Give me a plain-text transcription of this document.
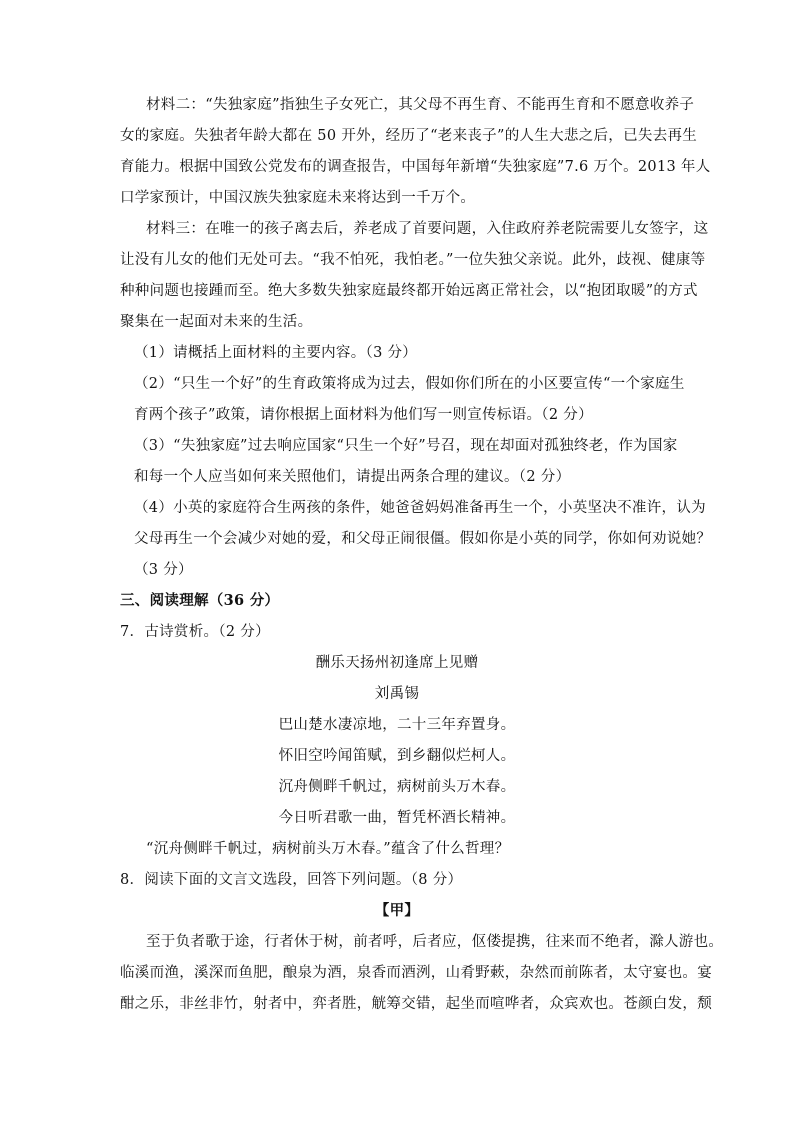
材料二：“失独家庭”指独生子女死亡，其父母不再生育、不能再生育和不愿意收养子
女的家庭。失独者年龄大都在 50 开外，经历了“老来丧子”的人生大悲之后，已失去再生
育能力。根据中国致公党发布的调查报告，中国每年新增“失独家庭”7.6 万个。2013 年人
口学家预计，中国汉族失独家庭未来将达到一千万个。
材料三：在唯一的孩子离去后，养老成了首要问题，入住政府养老院需要儿女签字，这
让没有儿女的他们无处可去。“我不怕死，我怕老。”一位失独父亲说。此外，歧视、健康等
种种问题也接踵而至。绝大多数失独家庭最终都开始远离正常社会，以“抱团取暖”的方式
聚集在一起面对未来的生活。
（1）请概括上面材料的主要内容。（3 分）
（2）“只生一个好”的生育政策将成为过去，假如你们所在的小区要宣传“一个家庭生
育两个孩子”政策，请你根据上面材料为他们写一则宣传标语。（2 分）
（3）“失独家庭”过去响应国家“只生一个好”号召，现在却面对孤独终老，作为国家
和每一个人应当如何来关照他们，请提出两条合理的建议。（2 分）
（4）小英的家庭符合生两孩的条件，她爸爸妈妈准备再生一个，小英坚决不准许，认为
父母再生一个会减少对她的爱，和父母正闹很僵。假如你是小英的同学，你如何劝说她？
（3 分）
三、阅读理解（36 分）
7．古诗赏析。（2 分）
酬乐天扬州初逢席上见赠
刘禹锡
巴山楚水凄凉地，二十三年弃置身。
怀旧空吟闻笛赋，到乡翻似烂柯人。
沉舟侧畔千帆过，病树前头万木春。
今日听君歌一曲，暂凭杯酒长精神。
“沉舟侧畔千帆过，病树前头万木春。”蕴含了什么哲理？
8．阅读下面的文言文选段，回答下列问题。（8 分）
【甲】
至于负者歌于途，行者休于树，前者呼，后者应，伛偻提携，往来而不绝者，滁人游也。
临溪而渔，溪深而鱼肥，酿泉为酒，泉香而酒洌，山肴野蔌，杂然而前陈者，太守宴也。宴
酣之乐，非丝非竹，射者中，弈者胜，觥筹交错，起坐而喧哗者，众宾欢也。苍颜白发，颓
